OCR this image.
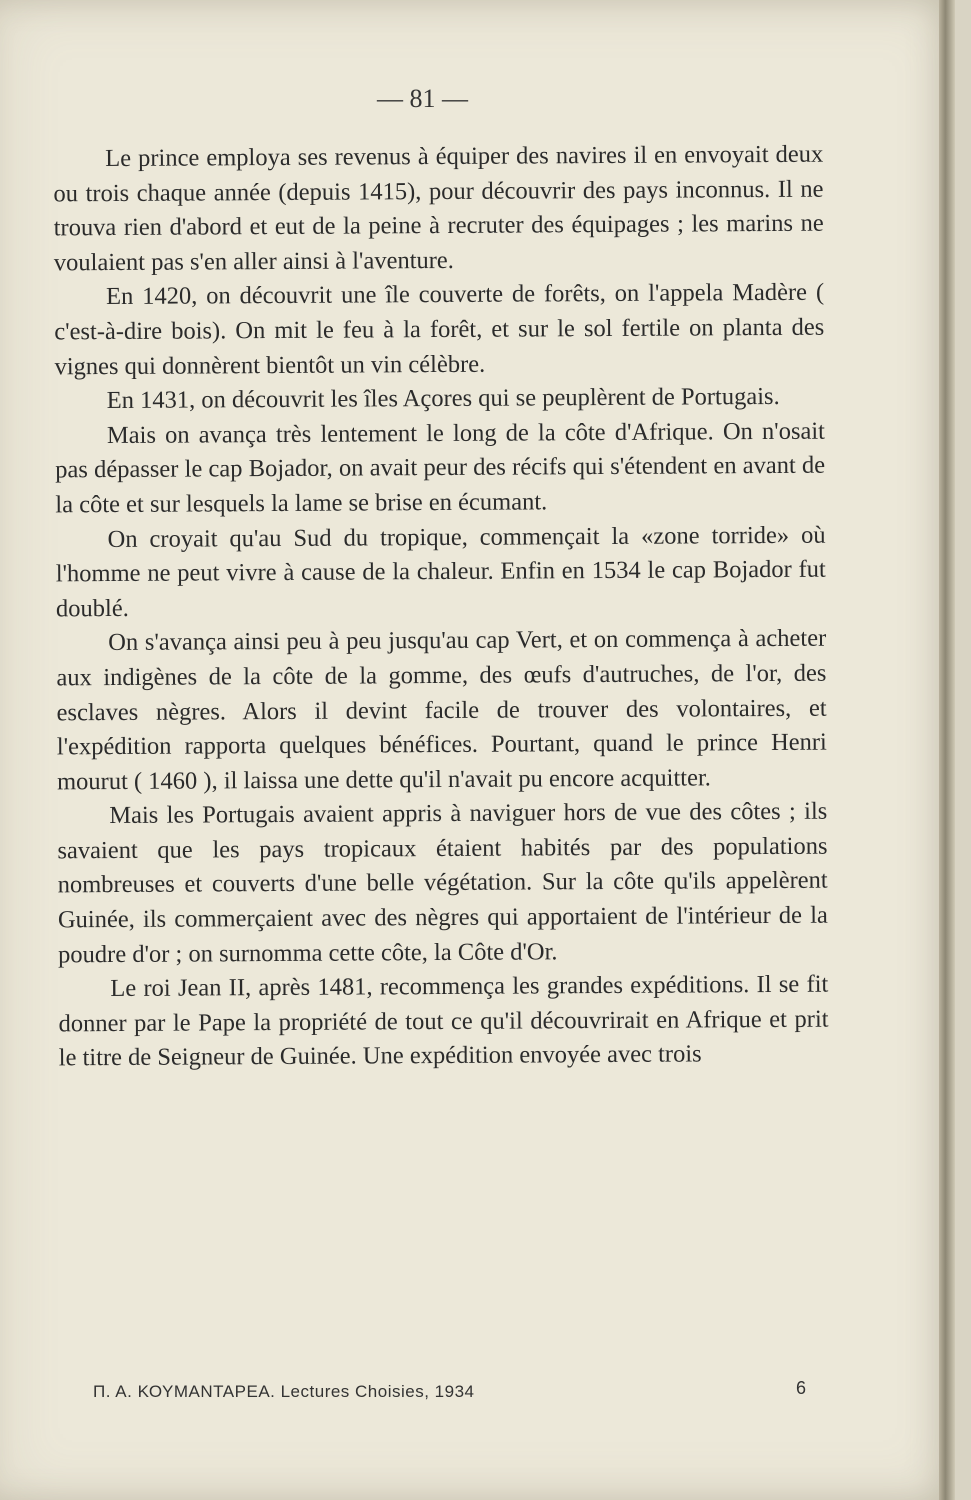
— 81 —

Le prince employa ses revenus à équiper des navires il en envoyait deux ou trois chaque année (depuis 1415), pour découvrir des pays inconnus. Il ne trouva rien d'abord et eut de la peine à recruter des équipages ; les marins ne voulaient pas s'en aller ainsi à l'aventure.

En 1420, on découvrit une île couverte de forêts, on l'appela Madère ( c'est-à-dire bois). On mit le feu à la forêt, et sur le sol fertile on planta des vignes qui donnèrent bientôt un vin célèbre.

En 1431, on découvrit les îles Açores qui se peuplèrent de Portugais.

Mais on avança très lentement le long de la côte d'Afrique. On n'osait pas dépasser le cap Bojador, on avait peur des récifs qui s'étendent en avant de la côte et sur lesquels la lame se brise en écumant.

On croyait qu'au Sud du tropique, commençait la «zone torride» où l'homme ne peut vivre à cause de la chaleur. Enfin en 1534 le cap Bojador fut doublé.

On s'avança ainsi peu à peu jusqu'au cap Vert, et on commença à acheter aux indigènes de la côte de la gomme, des œufs d'autruches, de l'or, des esclaves nègres. Alors il devint facile de trouver des volontaires, et l'expédition rapporta quelques bénéfices. Pourtant, quand le prince Henri mourut ( 1460 ), il laissa une dette qu'il n'avait pu encore acquitter.

Mais les Portugais avaient appris à naviguer hors de vue des côtes ; ils savaient que les pays tropicaux étaient habités par des populations nombreuses et couverts d'une belle végétation. Sur la côte qu'ils appelèrent Guinée, ils commerçaient avec des nègres qui apportaient de l'intérieur de la poudre d'or ; on surnomma cette côte, la Côte d'Or.

Le roi Jean II, après 1481, recommença les grandes expéditions. Il se fit donner par le Pape la propriété de tout ce qu'il découvrirait en Afrique et prit le titre de Seigneur de Guinée. Une expédition envoyée avec trois

Π. Α. ΚΟΥΜΑΝΤΑΡΕΑ. Lectures Choisies, 1934	6
